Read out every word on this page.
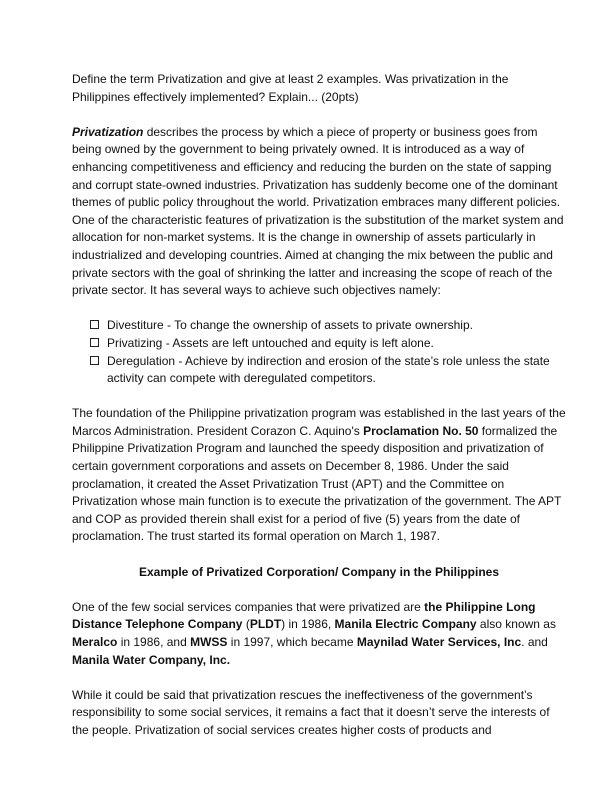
Define the term Privatization and give at least 2 examples. Was privatization in the Philippines effectively implemented? Explain... (20pts)

Privatization describes the process by which a piece of property or business goes from being owned by the government to being privately owned. It is introduced as a way of enhancing competitiveness and efficiency and reducing the burden on the state of sapping and corrupt state-owned industries. Privatization has suddenly become one of the dominant themes of public policy throughout the world. Privatization embraces many different policies. One of the characteristic features of privatization is the substitution of the market system and allocation for non-market systems. It is the change in ownership of assets particularly in industrialized and developing countries. Aimed at changing the mix between the public and private sectors with the goal of shrinking the latter and increasing the scope of reach of the private sector. It has several ways to achieve such objectives namely:

Divestiture - To change the ownership of assets to private ownership.
Privatizing - Assets are left untouched and equity is left alone.
Deregulation - Achieve by indirection and erosion of the state’s role unless the state activity can compete with deregulated competitors.

The foundation of the Philippine privatization program was established in the last years of the Marcos Administration. President Corazon C. Aquino's Proclamation No. 50 formalized the Philippine Privatization Program and launched the speedy disposition and privatization of certain government corporations and assets on December 8, 1986. Under the said proclamation, it created the Asset Privatization Trust (APT) and the Committee on Privatization whose main function is to execute the privatization of the government. The APT and COP as provided therein shall exist for a period of five (5) years from the date of proclamation. The trust started its formal operation on March 1, 1987.

Example of Privatized Corporation/ Company in the Philippines

One of the few social services companies that were privatized are the Philippine Long Distance Telephone Company (PLDT) in 1986, Manila Electric Company also known as Meralco in 1986, and MWSS in 1997, which became Maynilad Water Services, Inc. and Manila Water Company, Inc.

While it could be said that privatization rescues the ineffectiveness of the government’s responsibility to some social services, it remains a fact that it doesn’t serve the interests of the people. Privatization of social services creates higher costs of products and
